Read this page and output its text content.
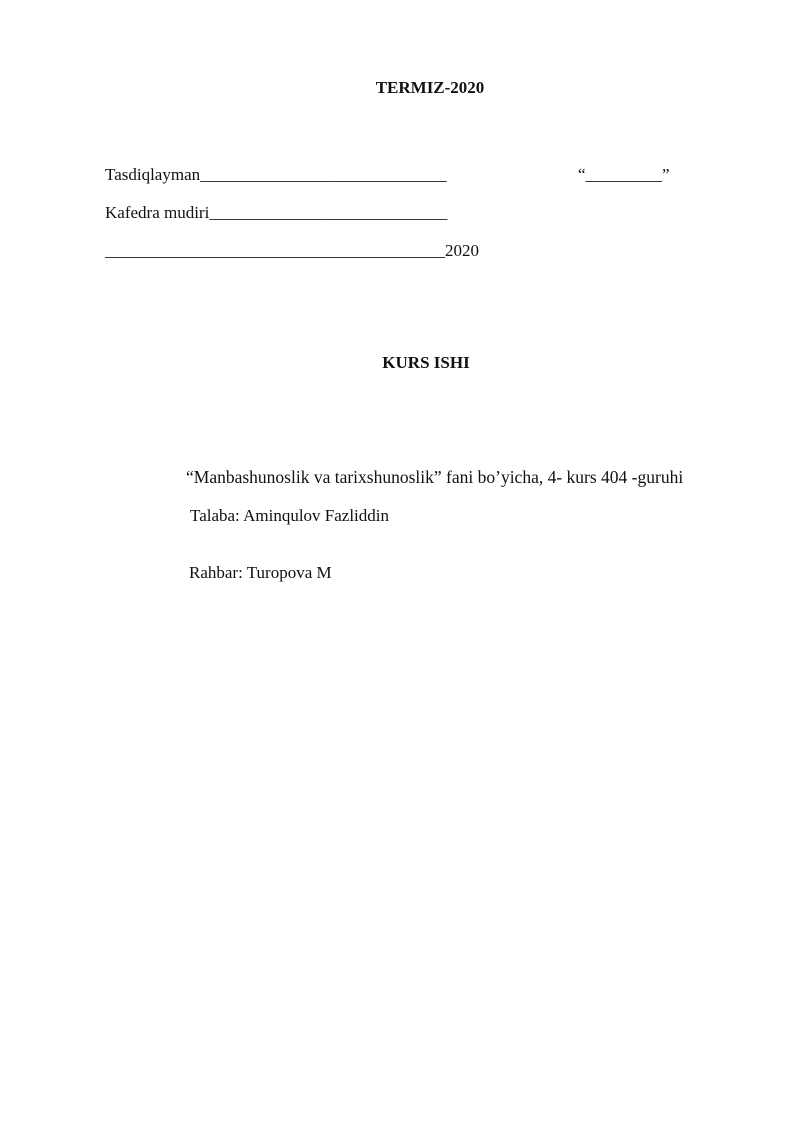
TERMIZ-2020
Tasdiqlayman_____________________________	“_________”
Kafedra mudiri____________________________
________________________________________2020
KURS ISHI
“Manbashunoslik va tarixshunoslik” fani bo’yicha, 4- kurs 404 -guruhi
Talaba: Aminqulov Fazliddin
Rahbar: Turopova M
